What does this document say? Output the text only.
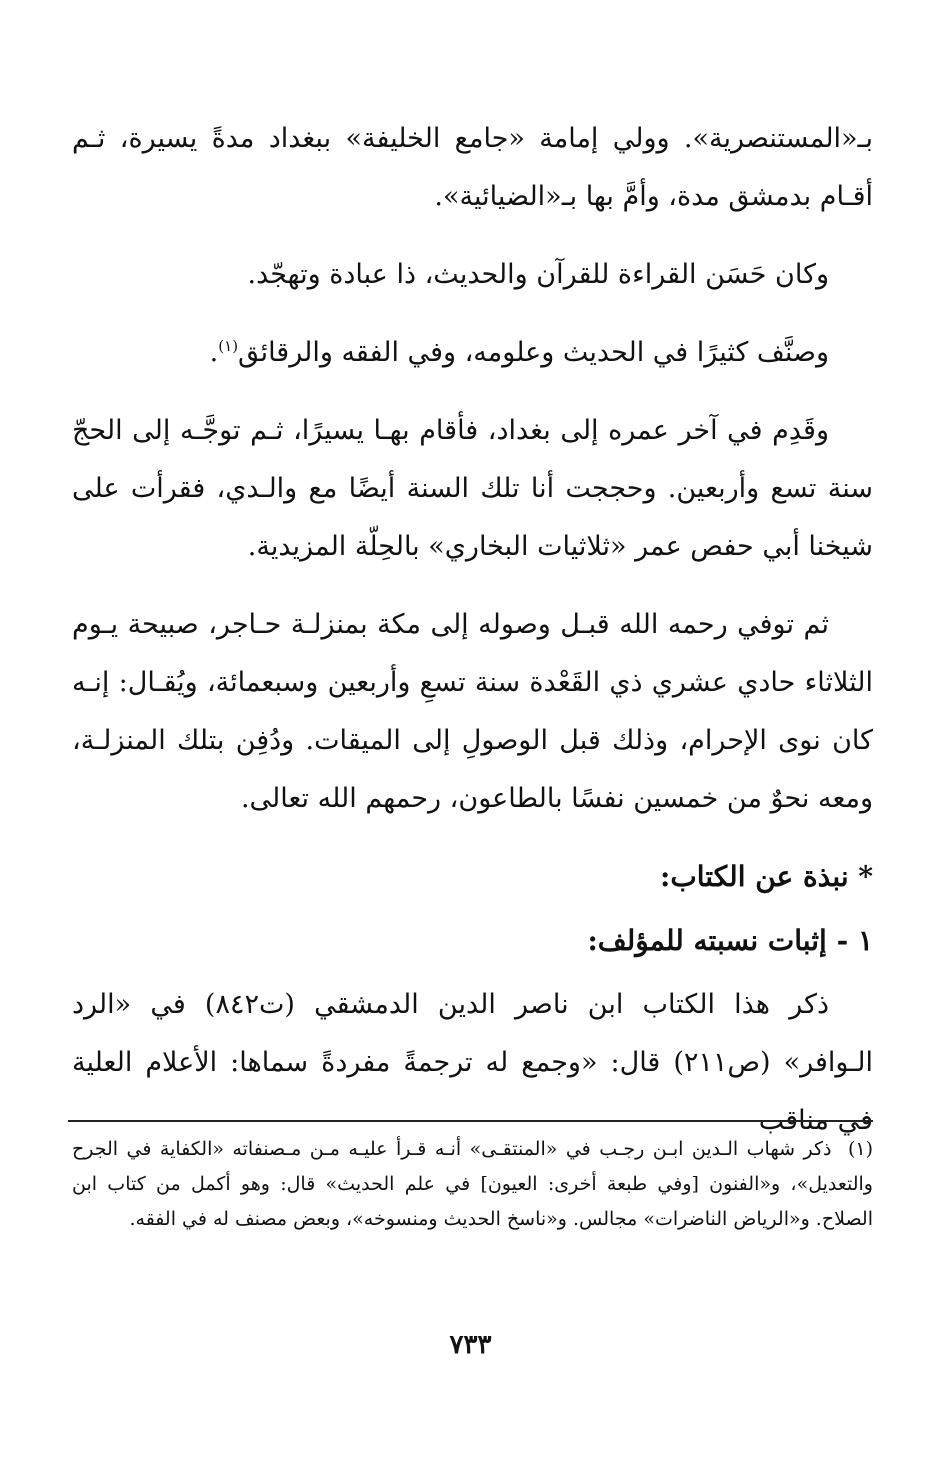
بـ«المستنصرية». وولي إمامة «جامع الخليفة» ببغداد مدةً يسيرة، ثـم أقـام بدمشق مدة، وأمَّ بها بـ«الضيائية».

وكان حَسَن القراءة للقرآن والحديث، ذا عبادة وتهجّد.

وصنَّف كثيرًا في الحديث وعلومه، وفي الفقه والرقائق$^{(١)}$.

وقَدِم في آخر عمره إلى بغداد، فأقام بهـا يسيرًا، ثـم توجَّـه إلى الحجّ سنة تسع وأربعين. وحججت أنا تلك السنة أيضًا مع والـدي، فقرأت على شيخنا أبي حفص عمر «ثلاثيات البخاري» بالحِلّة المزيدية.

ثم توفي رحمه الله قبـل وصوله إلى مكة بمنزلـة حـاجر، صبيحة يـوم الثلاثاء حادي عشري ذي القَعْدة سنة تسعِ وأربعين وسبعمائة، ويُقـال: إنـه كان نوى الإحرام، وذلك قبل الوصولِ إلى الميقات. ودُفِن بتلك المنزلـة، ومعه نحوٌ من خمسين نفسًا بالطاعون، رحمهم الله تعالى.

* نبذة عن الكتاب:
١ - إثبات نسبته للمؤلف:

ذكر هذا الكتاب ابن ناصر الدين الدمشقي (ت٨٤٢) في «الرد الـوافر» (ص٢١١) قال: «وجمع له ترجمةً مفردةً سماها: الأعلام العلية في مناقب

(١) ذكر شهاب الـدين ابـن رجـب في «المنتقـى» أنـه قـرأ عليـه مـن مـصنفاته «الكفاية في الجرح والتعديل»، و«الفنون [وفي طبعة أخرى: العيون] في علم الحديث» قال: وهو أكمل من كتاب ابن الصلاح. و«الرياض الناضرات» مجالس. و«ناسخ الحديث ومنسوخه»، وبعض مصنف له في الفقه.
٧٣٣
